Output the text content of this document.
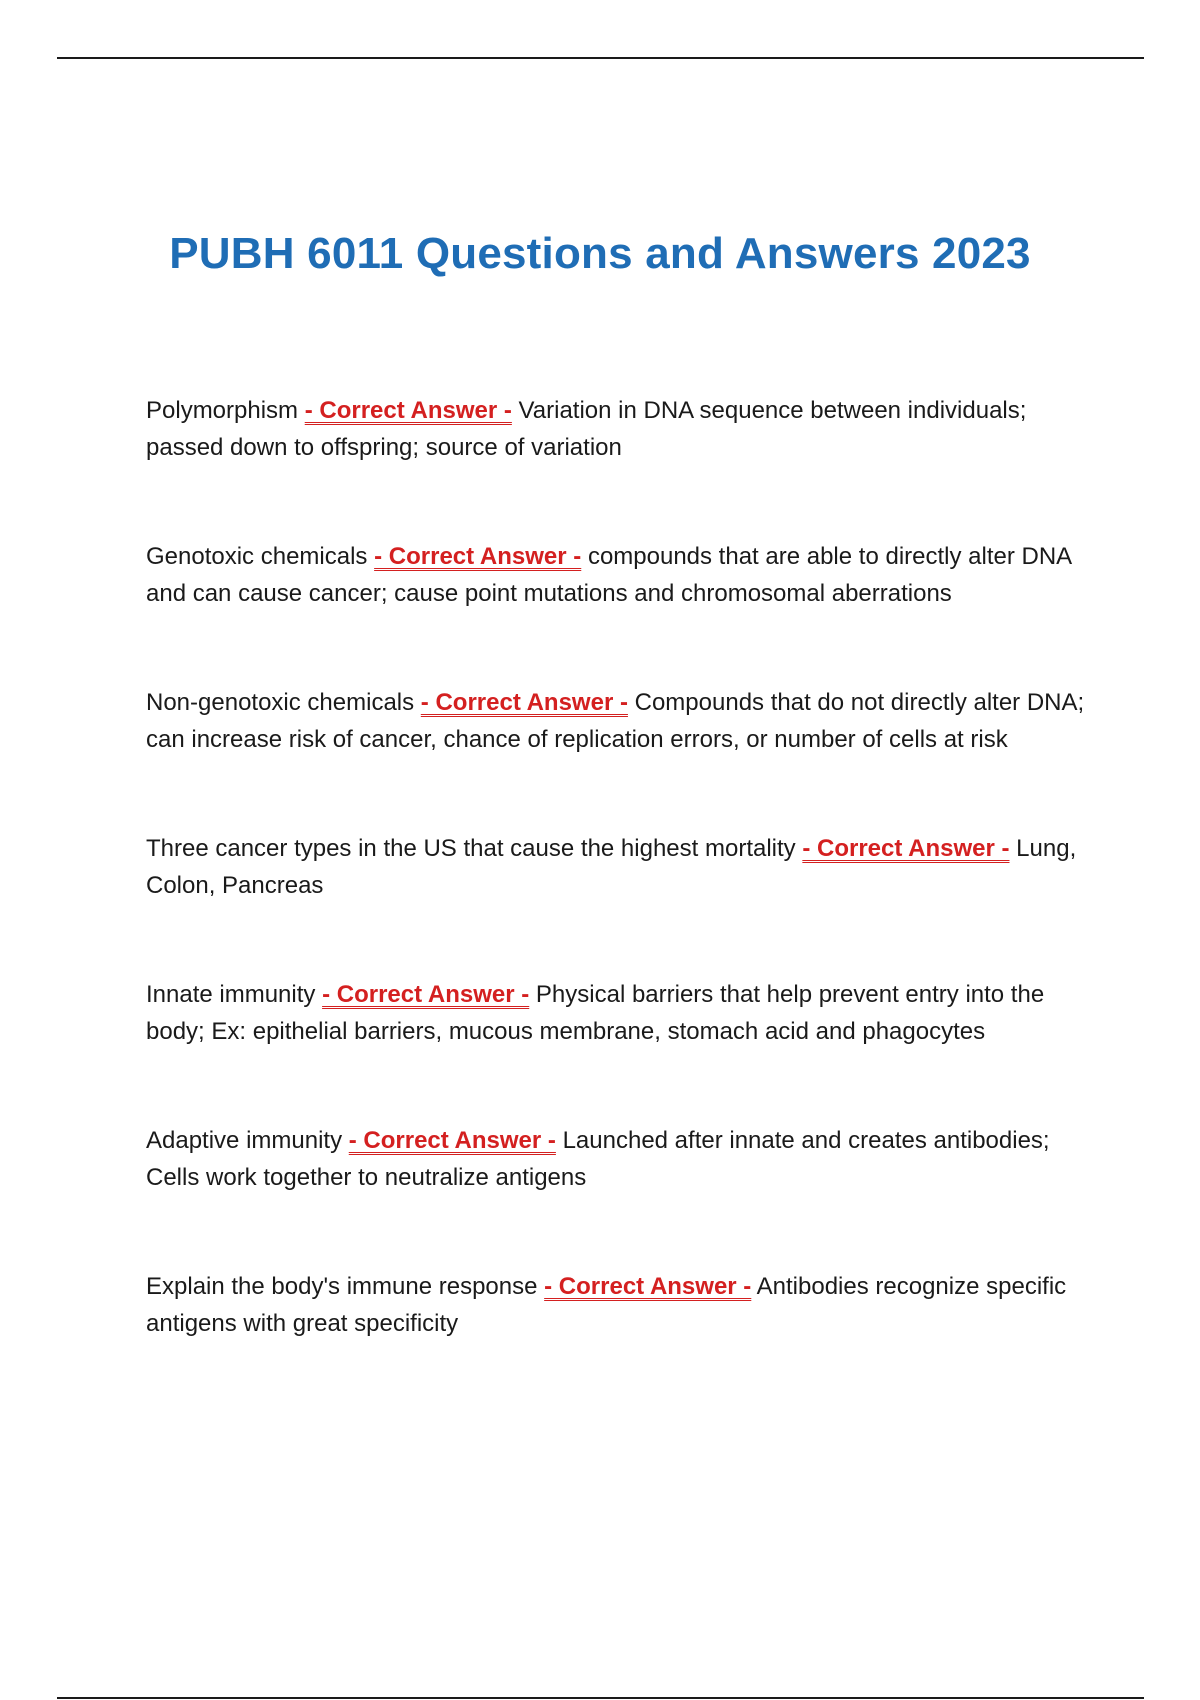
PUBH 6011 Questions and Answers 2023

Polymorphism - Correct Answer - Variation in DNA sequence between individuals; passed down to offspring; source of variation

Genotoxic chemicals - Correct Answer - compounds that are able to directly alter DNA and can cause cancer; cause point mutations and chromosomal aberrations

Non-genotoxic chemicals - Correct Answer - Compounds that do not directly alter DNA; can increase risk of cancer, chance of replication errors, or number of cells at risk

Three cancer types in the US that cause the highest mortality - Correct Answer - Lung, Colon, Pancreas

Innate immunity - Correct Answer - Physical barriers that help prevent entry into the body; Ex: epithelial barriers, mucous membrane, stomach acid and phagocytes

Adaptive immunity - Correct Answer - Launched after innate and creates antibodies; Cells work together to neutralize antigens

Explain the body's immune response - Correct Answer - Antibodies recognize specific antigens with great specificity
